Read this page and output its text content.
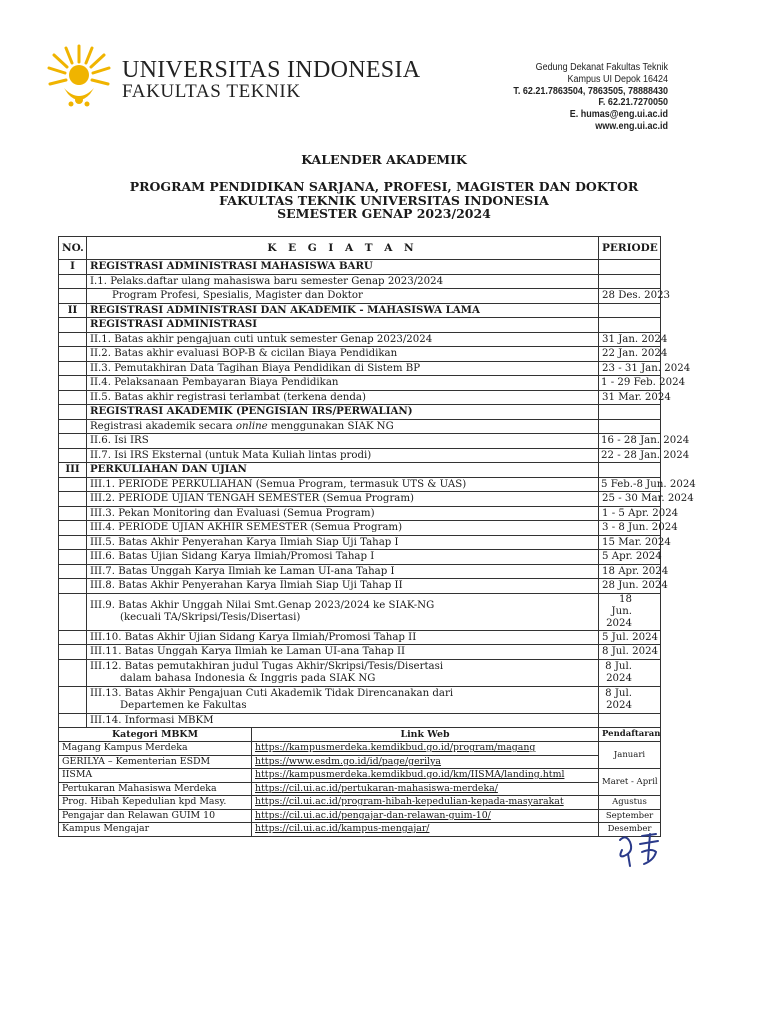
UNIVERSITAS INDONESIA
FAKULTAS TEKNIK
Gedung Dekanat Fakultas Teknik
Kampus UI Depok 16424
T. 62.21.7863504, 7863505, 78888430
F. 62.21.7270050
E. humas@eng.ui.ac.id
www.eng.ui.ac.id
KALENDER AKADEMIK
PROGRAM PENDIDIKAN SARJANA, PROFESI, MAGISTER DAN DOKTOR
FAKULTAS TEKNIK UNIVERSITAS INDONESIA
SEMESTER GENAP 2023/2024
NO.	K E G I A T A N		PERIODE
I	REGISTRASI ADMINISTRASI MAHASISWA BARU		

	I.1. Pelaks.daftar ulang mahasiswa baru semester Genap 2023/2024		

	Program Profesi, Spesialis, Magister dan Doktor		28 Des. 2023
II	REGISTRASI ADMINISTRASI DAN AKADEMIK - MAHASISWA LAMA		

	REGISTRASI ADMINISTRASI		

	II.1. Batas akhir pengajuan cuti untuk semester Genap 2023/2024		31 Jan. 2024

	II.2. Batas akhir evaluasi BOP-B & cicilan Biaya Pendidikan		22 Jan. 2024

	II.3. Pemutakhiran Data Tagihan Biaya Pendidikan di Sistem BP		23 - 31 Jan. 2024

	II.4. Pelaksanaan Pembayaran Biaya Pendidikan		1 - 29 Feb. 2024

	II.5. Batas akhir registrasi terlambat (terkena denda)		31 Mar. 2024

	REGISTRASI AKADEMIK (PENGISIAN IRS/PERWALIAN)		

	Registrasi akademik secara online menggunakan SIAK NG		

	II.6. Isi IRS		16 - 28 Jan. 2024

	II.7. Isi IRS Eksternal (untuk Mata Kuliah lintas prodi)		22 - 28 Jan. 2024
III	PERKULIAHAN DAN UJIAN		

	III.1. PERIODE PERKULIAHAN (Semua Program, termasuk UTS & UAS)		5 Feb.-8 Jun. 2024

	III.2. PERIODE UJIAN TENGAH SEMESTER (Semua Program)		25 - 30 Mar. 2024

	III.3. Pekan Monitoring dan Evaluasi (Semua Program)		1 - 5 Apr. 2024

	III.4. PERIODE UJIAN AKHIR SEMESTER (Semua Program)		3 - 8 Jun. 2024

	III.5. Batas Akhir Penyerahan Karya Ilmiah Siap Uji Tahap I		15 Mar. 2024

	III.6. Batas Ujian Sidang Karya Ilmiah/Promosi Tahap I		5 Apr. 2024

	III.7. Batas Unggah Karya Ilmiah ke Laman UI-ana Tahap I		18 Apr. 2024

	III.8. Batas Akhir Penyerahan Karya Ilmiah Siap Uji Tahap II		28 Jun. 2024

	III.9. Batas Akhir Unggah Nilai Smt.Genap 2023/2024 ke SIAK-NG
(kecuali TA/Skripsi/Tesis/Disertasi)		18 Jun. 2024

	III.10. Batas Akhir Ujian Sidang Karya Ilmiah/Promosi Tahap II		5 Jul. 2024

	III.11. Batas Unggah Karya Ilmiah ke Laman UI-ana Tahap II		8 Jul. 2024

	III.12. Batas pemutakhiran judul Tugas Akhir/Skripsi/Tesis/Disertasi
dalam bahasa Indonesia & Inggris pada SIAK NG		8 Jul. 2024

	III.13. Batas Akhir Pengajuan Cuti Akademik Tidak Direncanakan dari
Departemen ke Fakultas		8 Jul. 2024

	III.14. Informasi MBKM		

Kategori MBKM		Link Web	Pendaftaran
Magang Kampus Merdeka		https://kampusmerdeka.kemdikbud.go.id/program/magang	Januari
GERILYA – Kementerian ESDM		https://www.esdm.go.id/id/page/gerilya	
IISMA		https://kampusmerdeka.kemdikbud.go.id/km/IISMA/landing.html	Maret - April
Pertukaran Mahasiswa Merdeka		https://cil.ui.ac.id/pertukaran-mahasiswa-merdeka/	
Prog. Hibah Kepedulian kpd Masy.		https://cil.ui.ac.id/program-hibah-kepedulian-kepada-masyarakat	Agustus
Pengajar dan Relawan GUIM 10		https://cil.ui.ac.id/pengajar-dan-relawan-guim-10/	September
Kampus Mengajar		https://cil.ui.ac.id/kampus-mengajar/	Desember
